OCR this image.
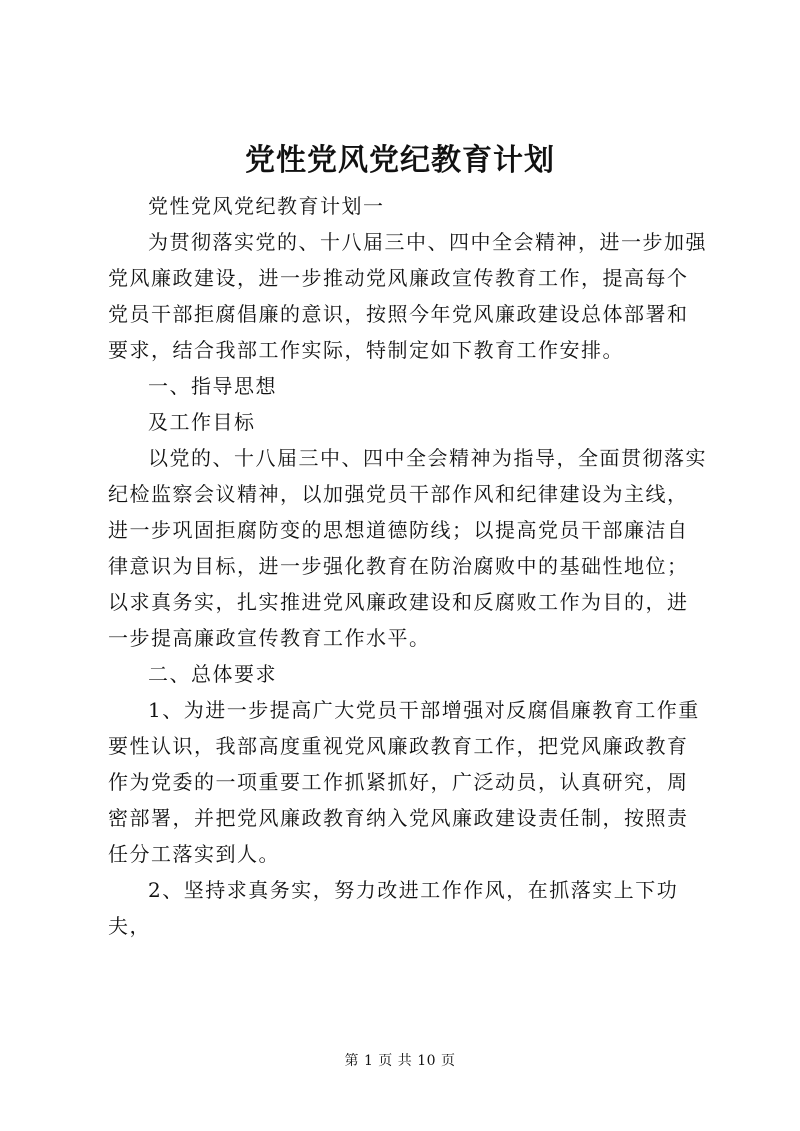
党性党风党纪教育计划

党性党风党纪教育计划一

为贯彻落实党的、十八届三中、四中全会精神，进一步加强党风廉政建设，进一步推动党风廉政宣传教育工作，提高每个党员干部拒腐倡廉的意识，按照今年党风廉政建设总体部署和要求，结合我部工作实际，特制定如下教育工作安排。

一、指导思想

及工作目标

以党的、十八届三中、四中全会精神为指导，全面贯彻落实纪检监察会议精神，以加强党员干部作风和纪律建设为主线，进一步巩固拒腐防变的思想道德防线；以提高党员干部廉洁自律意识为目标，进一步强化教育在防治腐败中的基础性地位；以求真务实，扎实推进党风廉政建设和反腐败工作为目的，进一步提高廉政宣传教育工作水平。

二、总体要求

1、为进一步提高广大党员干部增强对反腐倡廉教育工作重要性认识，我部高度重视党风廉政教育工作，把党风廉政教育作为党委的一项重要工作抓紧抓好，广泛动员，认真研究，周密部署，并把党风廉政教育纳入党风廉政建设责任制，按照责任分工落实到人。

2、坚持求真务实，努力改进工作作风，在抓落实上下功夫，

第 1 页 共 10 页
